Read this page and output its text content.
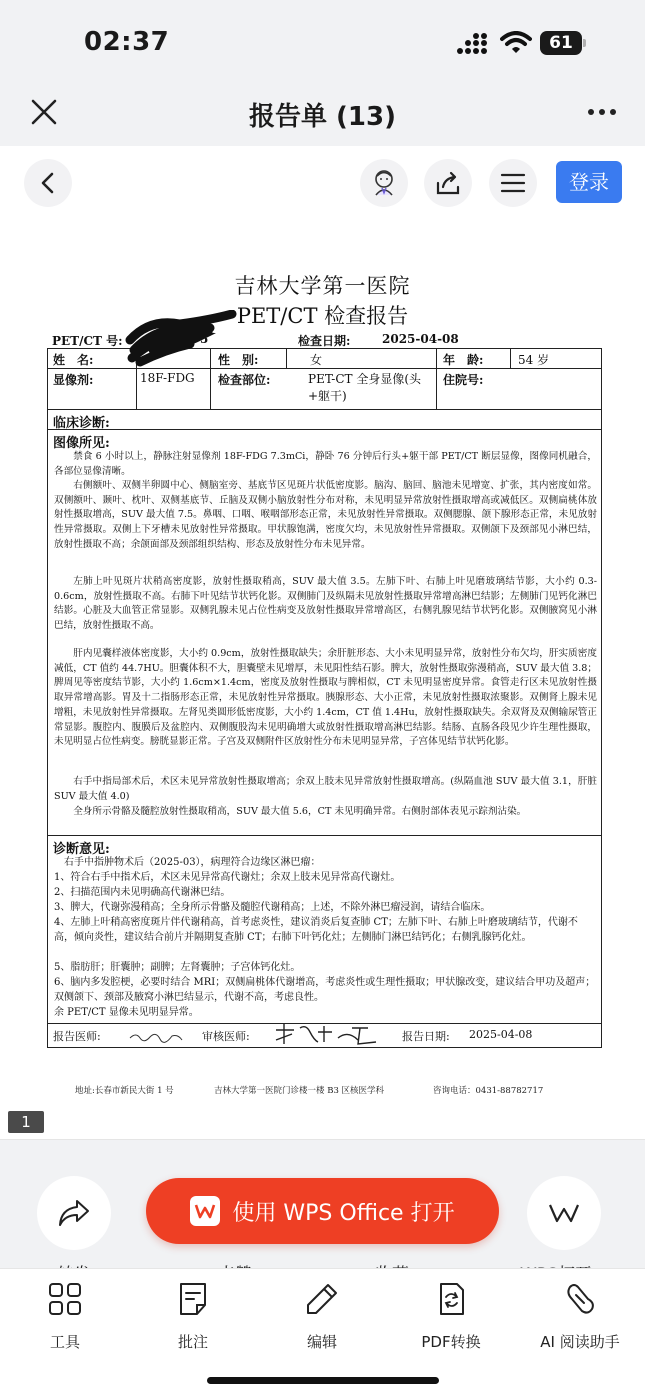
02:37	61
报告单 (13)
登录
吉林大学第一医院
PET/CT 检查报告
PET/CT 号:	5	检查日期:	2025-04-08
姓　名:	性　别:	女	年　龄:	54 岁
显像剂:	18F-FDG 检查部位:	PET-CT 全身显像(头+躯干)
住院号:
临床诊断:
图像所见:
禁食 6 小时以上，静脉注射显像剂 18F-FDG 7.3mCi，静卧 76 分钟后行头+躯干部 PET/CT 断层显像，图像同机融合，各部位显像清晰。
右侧额叶、双侧半卵圆中心、侧脑室旁、基底节区见斑片状低密度影。脑沟、脑回、脑池未见增宽、扩张，其内密度如常。双侧额叶、颞叶、枕叶、双侧基底节、丘脑及双侧小脑放射性分布对称，未见明显异常放射性摄取增高或减低区。双侧扁桃体放射性摄取增高，SUV 最大值 7.5。鼻咽、口咽、喉咽部形态正常，未见放射性异常摄取。双侧腮腺、颌下腺形态正常，未见放射性异常摄取。双侧上下牙槽未见放射性异常摄取。甲状腺饱满，密度欠均，未见放射性异常摄取。双侧颌下及颈部见小淋巴结，放射性摄取不高；余颌面部及颈部组织结构、形态及放射性分布未见异常。
左肺上叶见斑片状稍高密度影，放射性摄取稍高，SUV 最大值 3.5。左肺下叶、右肺上叶见磨玻璃结节影，大小约 0.3-0.6cm，放射性摄取不高。右肺下叶见结节状钙化影。双侧肺门及纵隔未见放射性摄取异常增高淋巴结影；左侧肺门见钙化淋巴结影。心脏及大血管正常显影。双侧乳腺未见占位性病变及放射性摄取异常增高区，右侧乳腺见结节状钙化影。双侧腋窝见小淋巴结，放射性摄取不高。
肝内见囊样液体密度影，大小约 0.9cm，放射性摄取缺失；余肝脏形态、大小未见明显异常，放射性分布欠均，肝实质密度减低，CT 值约 44.7HU。胆囊体积不大，胆囊壁未见增厚，未见阳性结石影。脾大，放射性摄取弥漫稍高，SUV 最大值 3.8；脾周见等密度结节影，大小约 1.6cm×1.4cm，密度及放射性摄取与脾相似，CT 未见明显密度异常。食管走行区未见放射性摄取异常增高影。胃及十二指肠形态正常，未见放射性异常摄取。胰腺形态、大小正常，未见放射性摄取浓聚影。双侧肾上腺未见增粗，未见放射性异常摄取。左肾见类圆形低密度影，大小约 1.4cm，CT 值 1.4Hu，放射性摄取缺失。余双肾及双侧输尿管正常显影。腹腔内、腹膜后及盆腔内、双侧腹股沟未见明确增大或放射性摄取增高淋巴结影。结肠、直肠各段见少许生理性摄取，未见明显占位性病变。膀胱显影正常。子宫及双侧附件区放射性分布未见明显异常，子宫体见结节状钙化影。
右手中指局部术后，术区未见异常放射性摄取增高；余双上肢未见异常放射性摄取增高。(纵隔血池 SUV 最大值 3.1，肝脏 SUV 最大值 4.0)
全身所示骨骼及髓腔放射性摄取稍高，SUV 最大值 5.6，CT 未见明确异常。右侧肘部体表见示踪剂沾染。
诊断意见:
　右手中指肿物术后（2025-03），病理符合边缘区淋巴瘤：
1、符合右手中指术后，术区未见异常高代谢灶；余双上肢未见异常高代谢灶。
2、扫描范围内未见明确高代谢淋巴结。
3、脾大，代谢弥漫稍高；全身所示骨骼及髓腔代谢稍高；上述，不除外淋巴瘤浸润，请结合临床。
4、左肺上叶稍高密度斑片伴代谢稍高，首考虑炎性，建议消炎后复查肺 CT；左肺下叶、右肺上叶磨玻璃结节，代谢不高，倾向炎性，建议结合前片并隔期复查肺 CT；右肺下叶钙化灶；左侧肺门淋巴结钙化；右侧乳腺钙化灶。
5、脂肪肝；肝囊肿；副脾；左肾囊肿；子宫体钙化灶。
6、脑内多发腔梗，必要时结合 MRI；双侧扁桃体代谢增高，考虑炎性或生理性摄取；甲状腺改变，建议结合甲功及超声；双侧颌下、颈部及腋窝小淋巴结显示，代谢不高，考虑良性。
余 PET/CT 显像未见明显异常。
报告医师:	审核医师:	报告日期: 2025-04-08
地址:长春市新民大街 1 号	吉林大学第一医院门诊楼一楼 B3 区核医学科	咨询电话：0431-88782717
1
使用 WPS Office 打开
工具	批注	编辑	PDF转换	AI 阅读助手
